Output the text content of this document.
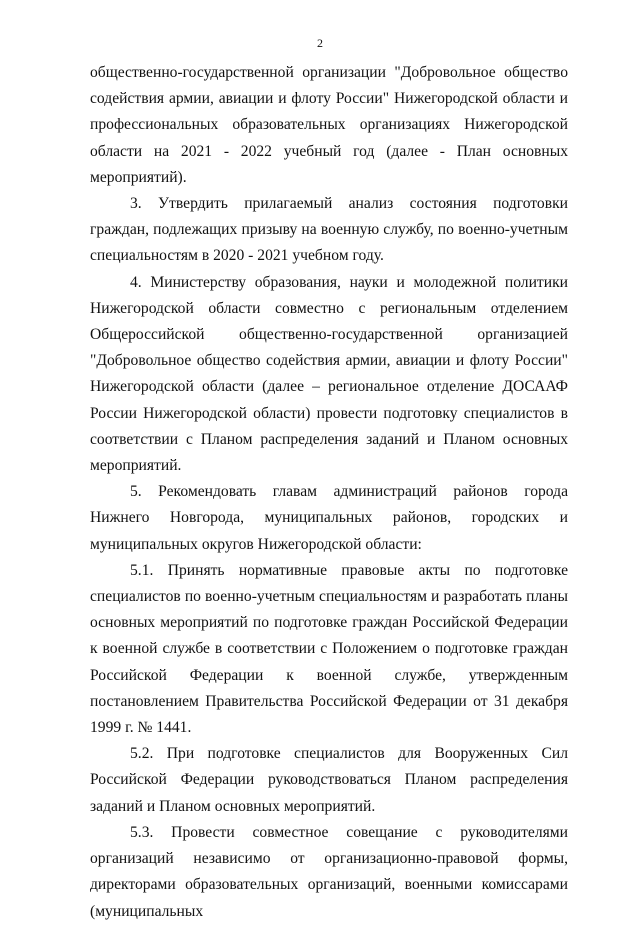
2

общественно-государственной организации "Добровольное общество содействия армии, авиации и флоту России" Нижегородской области и профессиональных образовательных организациях Нижегородской области на 2021 - 2022 учебный год (далее - План основных мероприятий).

3. Утвердить прилагаемый анализ состояния подготовки граждан, подлежащих призыву на военную службу, по военно-учетным специальностям в 2020 - 2021 учебном году.

4. Министерству образования, науки и молодежной политики Нижегородской области совместно с региональным отделением Общероссийской общественно-государственной организацией "Добровольное общество содействия армии, авиации и флоту России" Нижегородской области (далее – региональное отделение ДОСААФ России Нижегородской области) провести подготовку специалистов в соответствии с Планом распределения заданий и Планом основных мероприятий.

5. Рекомендовать главам администраций районов города Нижнего Новгорода, муниципальных районов, городских и муниципальных округов Нижегородской области:

5.1. Принять нормативные правовые акты по подготовке специалистов по военно-учетным специальностям и разработать планы основных мероприятий по подготовке граждан Российской Федерации к военной службе в соответствии с Положением о подготовке граждан Российской Федерации к военной службе, утвержденным постановлением Правительства Российской Федерации от 31 декабря 1999 г. № 1441.

5.2. При подготовке специалистов для Вооруженных Сил Российской Федерации руководствоваться Планом распределения заданий и Планом основных мероприятий.

5.3. Провести совместное совещание с руководителями организаций независимо от организационно-правовой формы, директорами образовательных организаций, военными комиссарами (муниципальных
